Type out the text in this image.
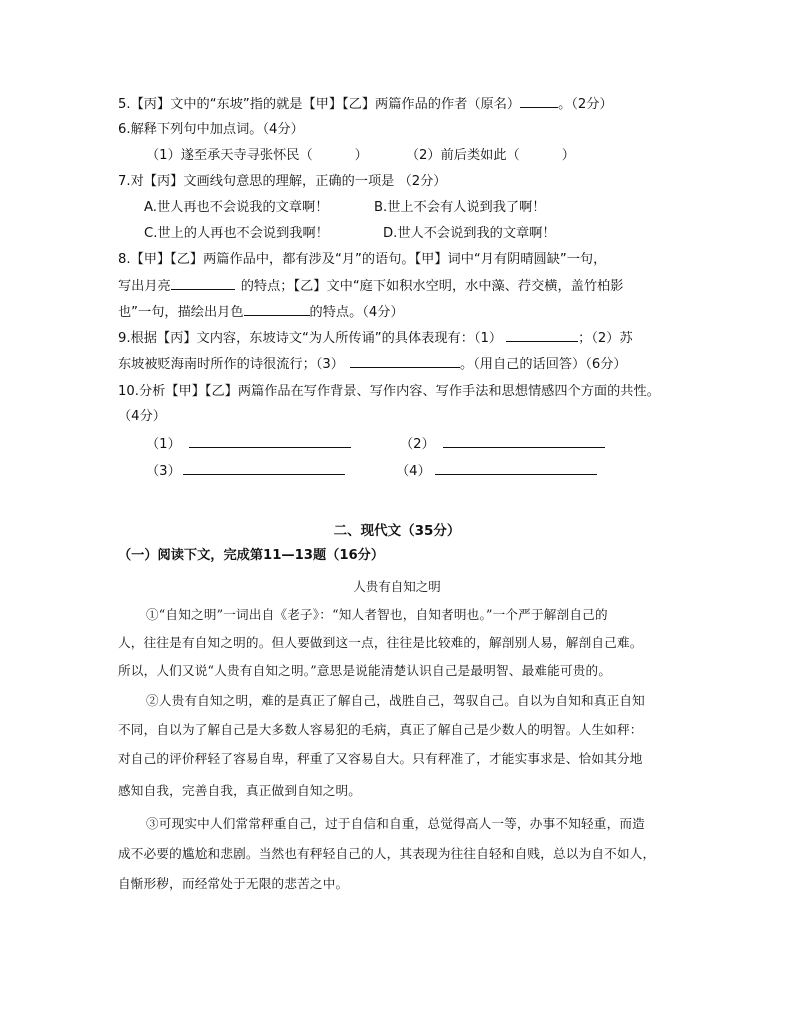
5.【丙】文中的“东坡”指的就是【甲】【乙】两篇作品的作者（原名）	。（2分）
6.解释下列句中加点词。（4分）
（1）遂至承天寺寻张怀民（	）	（2）前后类如此（	）
7.对【丙】文画线句意思的理解，正确的一项是 （2分）
A.世人再也不会说我的文章啊！	B.世上不会有人说到我了啊！
C.世上的人再也不会说到我啊！	D.世人不会说到我的文章啊！
8.【甲】【乙】两篇作品中，都有涉及“月”的语句。【甲】词中“月有阴晴圆缺”一句，
写出月亮	的特点；【乙】文中“庭下如积水空明，水中藻、荇交横，盖竹柏影
也”一句，描绘出月色	的特点。（4分）
9.根据【丙】文内容，东坡诗文“为人所传诵”的具体表现有：（1）	；（2）苏
东坡被贬海南时所作的诗很流行；（3）	。（用自己的话回答）（6分）
10.分析【甲】【乙】两篇作品在写作背景、写作内容、写作手法和思想情感四个方面的共性。
（4分）
（1）	（2）
（3）	（4）
二、现代文（35分）
（一）阅读下文，完成第11—13题（16分）
人贵有自知之明
①“自知之明”一词出自《老子》：“知人者智也，自知者明也。”一个严于解剖自己的
人，往往是有自知之明的。但人要做到这一点，往往是比较难的，解剖别人易，解剖自己难。
所以，人们又说“人贵有自知之明。”意思是说能清楚认识自己是最明智、最难能可贵的。
②人贵有自知之明，难的是真正了解自己，战胜自己，驾驭自己。自以为自知和真正自知
不同，自以为了解自己是大多数人容易犯的毛病，真正了解自己是少数人的明智。人生如秤：
对自己的评价秤轻了容易自卑，秤重了又容易自大。只有秤准了，才能实事求是、恰如其分地
感知自我，完善自我，真正做到自知之明。
③可现实中人们常常秤重自己，过于自信和自重，总觉得高人一等，办事不知轻重，而造
成不必要的尴尬和悲剧。当然也有秤轻自己的人，其表现为往往自轻和自贱，总以为自不如人，
自惭形秽，而经常处于无限的悲苦之中。
